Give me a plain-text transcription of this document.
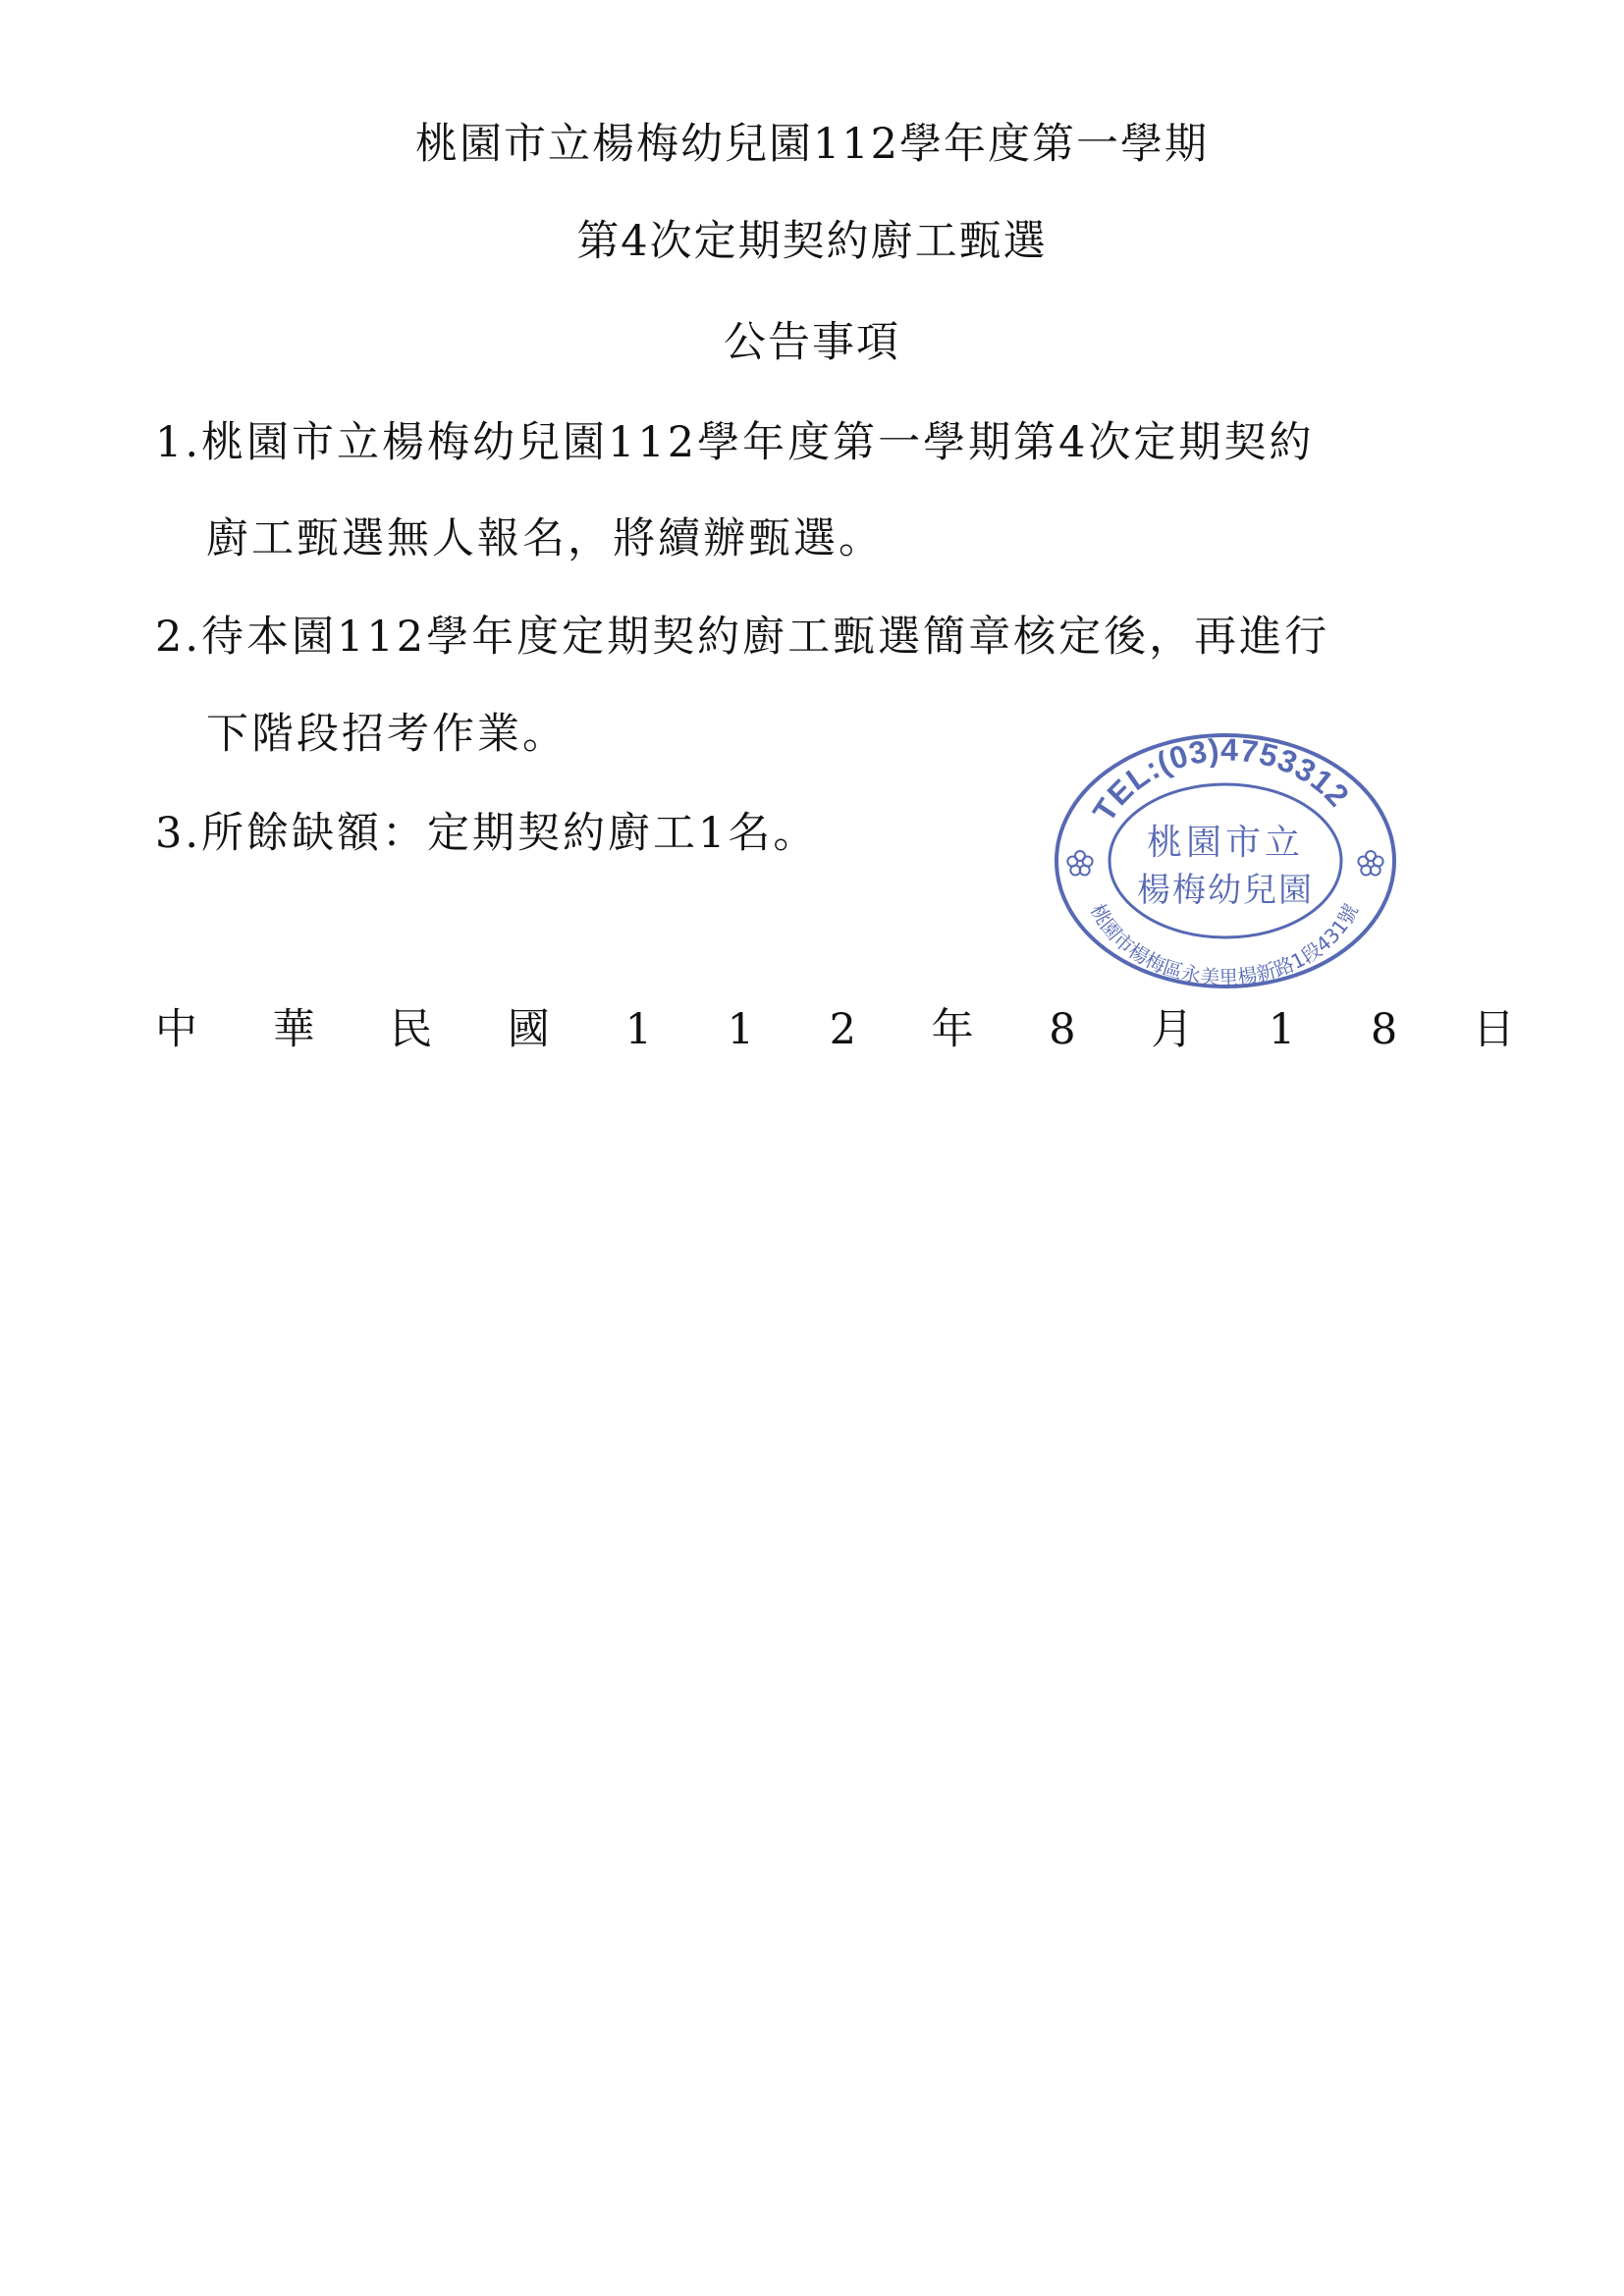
桃園市立楊梅幼兒園112學年度第一學期
第4次定期契約廚工甄選
公告事項
1.桃園市立楊梅幼兒園112學年度第一學期第4次定期契約
廚工甄選無人報名，將續辦甄選。
2.待本園112學年度定期契約廚工甄選簡章核定後，再進行
下階段招考作業。
3.所餘缺額：定期契約廚工1名。
中 華 民 國 1 1 2 年 8 月 1 8 日
TEL:(03)4753312
桃園市楊梅區永美里楊新路1段431號
桃園市立
楊梅幼兒園
